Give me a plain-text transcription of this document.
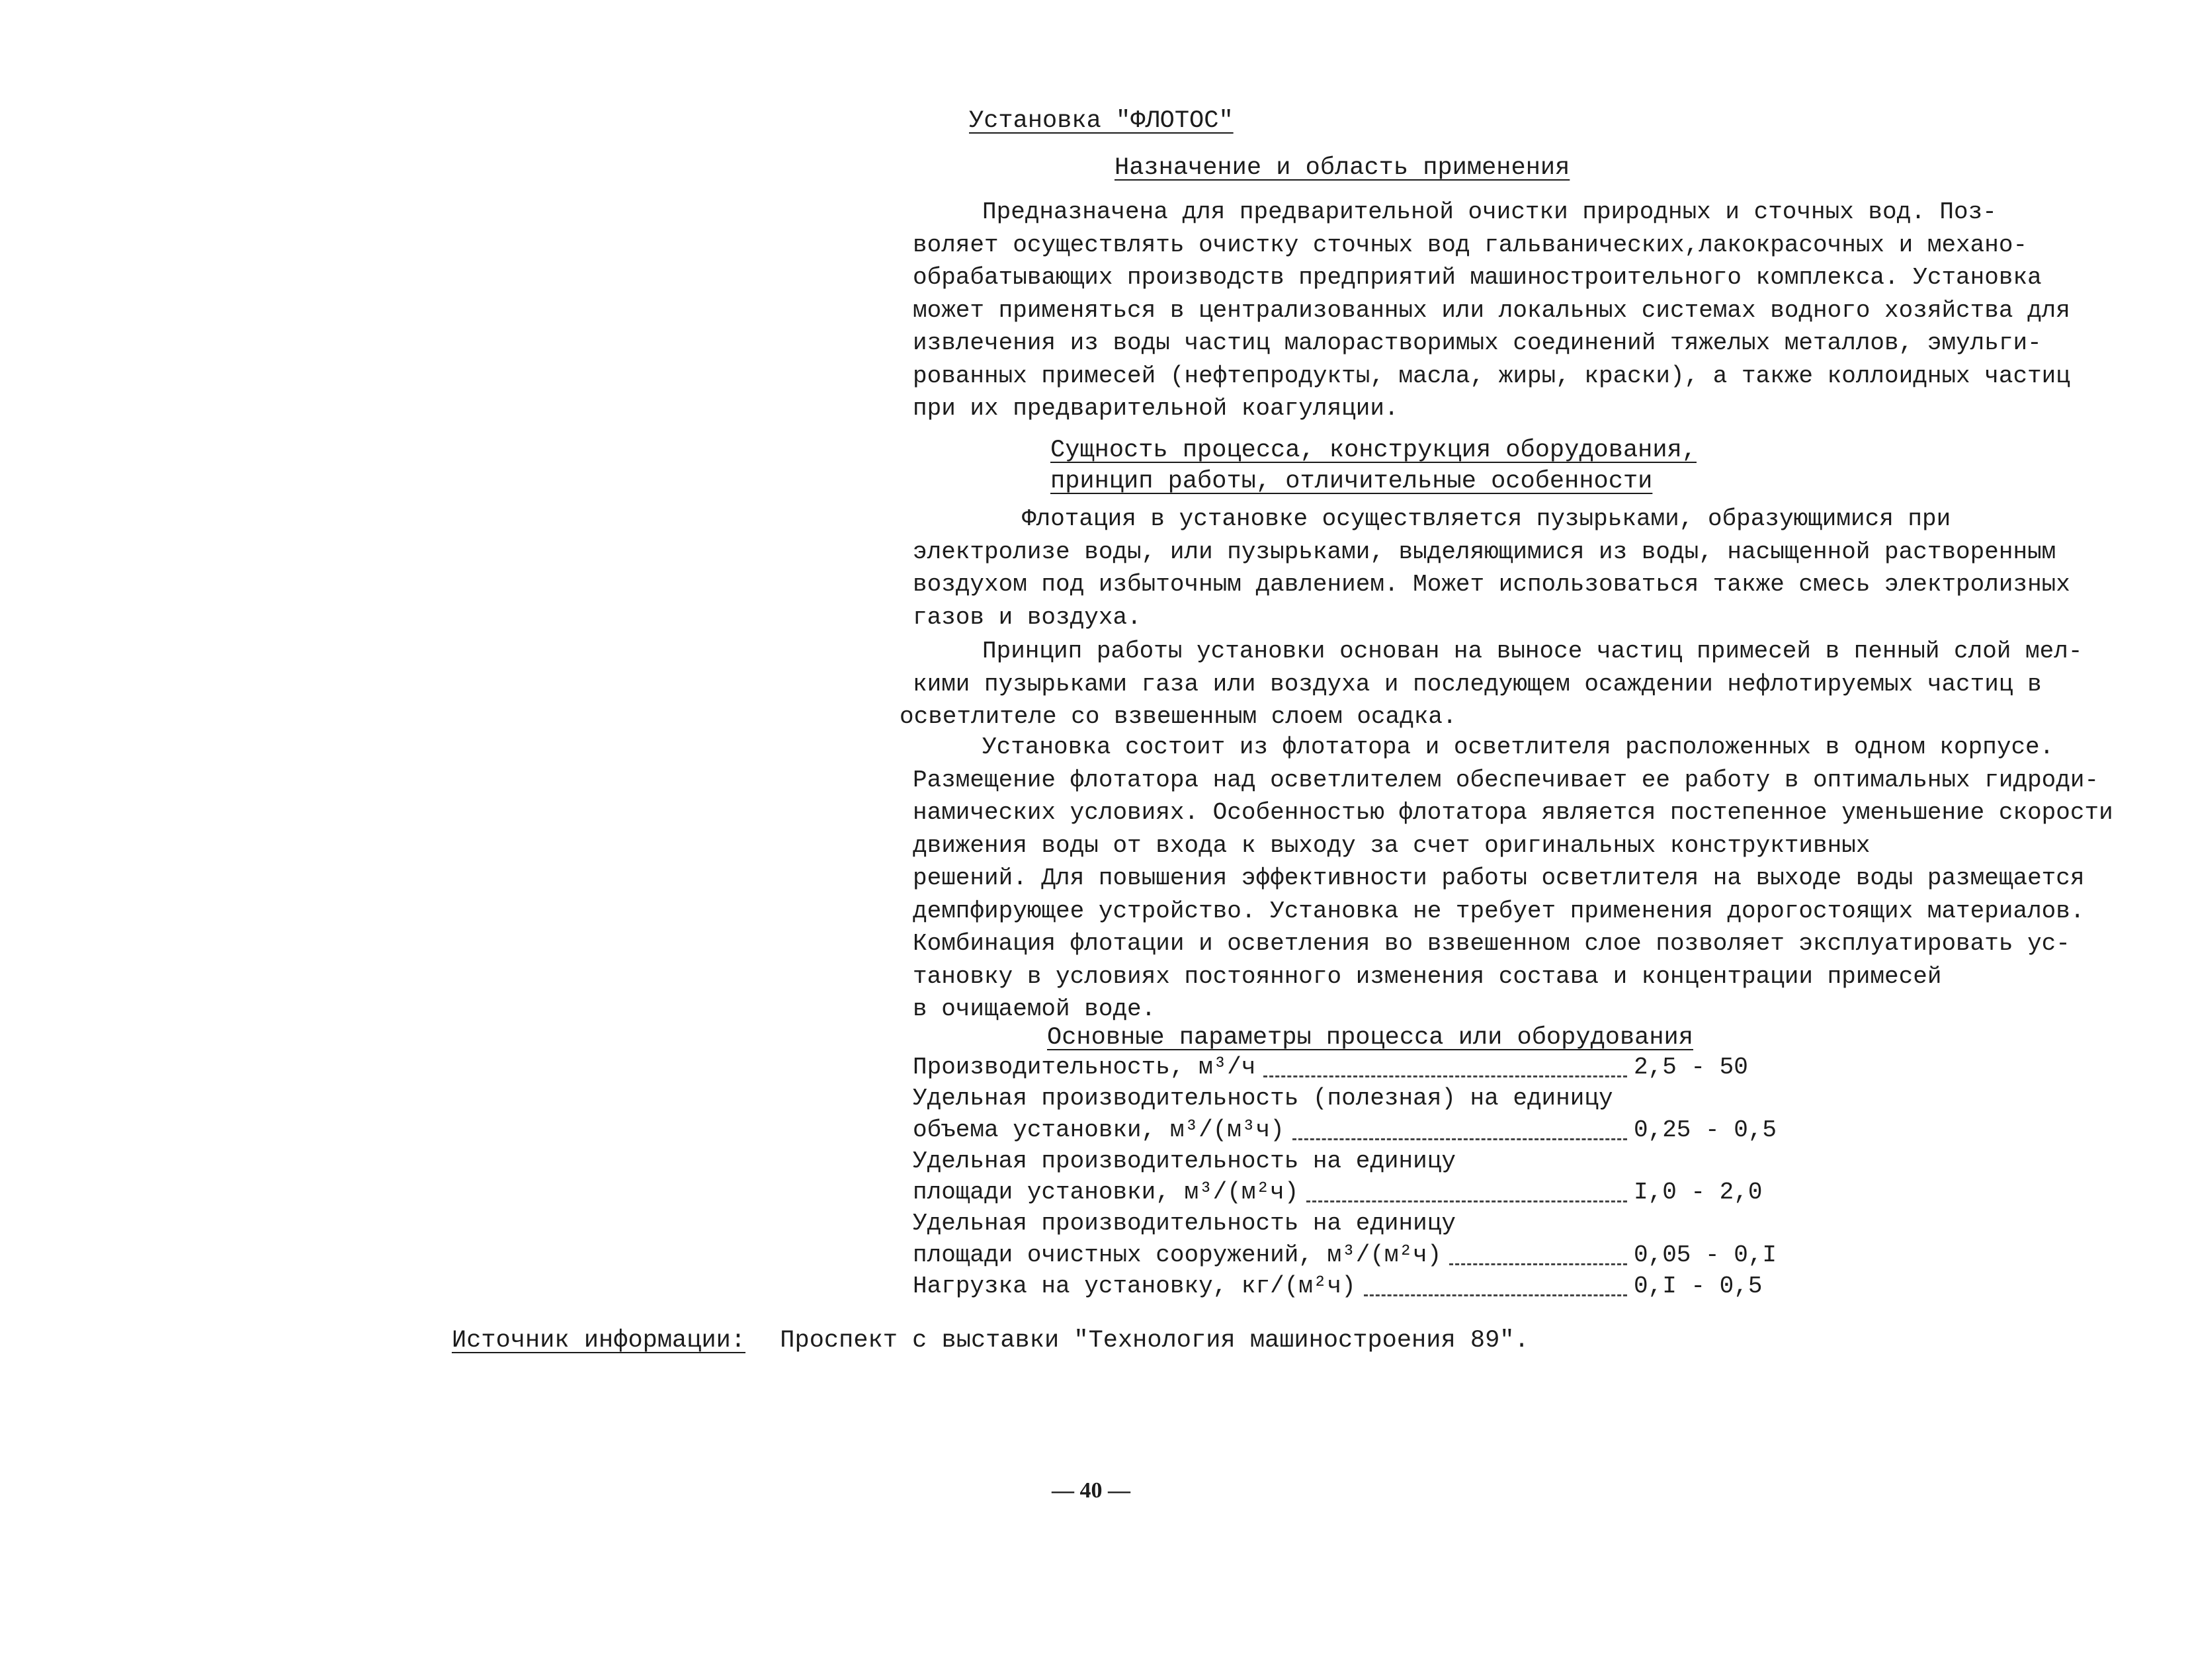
Установка "ФЛОТОС"
Назначение и область применения
Предназначена для предварительной очистки природных и сточных вод. Поз-
воляет осуществлять очистку сточных вод гальванических,лакокрасочных и механо-
обрабатывающих производств предприятий машиностроительного комплекса. Установка
может применяться в централизованных или локальных системах водного хозяйства для
извлечения из воды частиц малорастворимых соединений тяжелых металлов, эмульги-
рованных примесей (нефтепродукты, масла, жиры, краски), а также коллоидных частиц
при их предварительной коагуляции.
Сущность процесса, конструкция оборудования,
принцип работы, отличительные особенности
Флотация в установке осуществляется пузырьками, образующимися при
электролизе воды, или пузырьками, выделяющимися из воды, насыщенной растворенным
воздухом под избыточным давлением. Может использоваться также смесь электролизных
газов и воздуха.
Принцип работы установки основан на выносе частиц примесей в пенный слой мел-
кими пузырьками газа или воздуха и последующем осаждении нефлотируемых частиц в
осветлителе со взвешенным слоем осадка.
Установка состоит из флотатора и осветлителя расположенных в одном корпусе.
Размещение флотатора над осветлителем обеспечивает ее работу в оптимальных гидроди-
намических условиях. Особенностью флотатора является постепенное уменьшение скорости
движения воды от входа к выходу за счет оригинальных конструктивных
решений. Для повышения эффективности работы осветлителя на выходе воды размещается
демпфирующее устройство. Установка не требует применения дорогостоящих материалов.
Комбинация флотации и осветления во взвешенном слое позволяет эксплуатировать ус-
тановку в условиях постоянного изменения состава и концентрации примесей
в очищаемой воде.
Основные параметры процесса или оборудования
Производительность, м³/ч	2,5 - 50
Удельная производительность (полезная) на единицу
объема установки, м³/(м³ч)	0,25 - 0,5
Удельная производительность на единицу
площади установки, м³/(м²ч)	I,0 - 2,0
Удельная производительность на единицу
площади очистных сооружений, м³/(м²ч)	0,05 - 0,I
Нагрузка на установку, кг/(м²ч)	0,I - 0,5
Источник информации: Проспект с выставки "Технология машиностроения 89".
— 40 —
